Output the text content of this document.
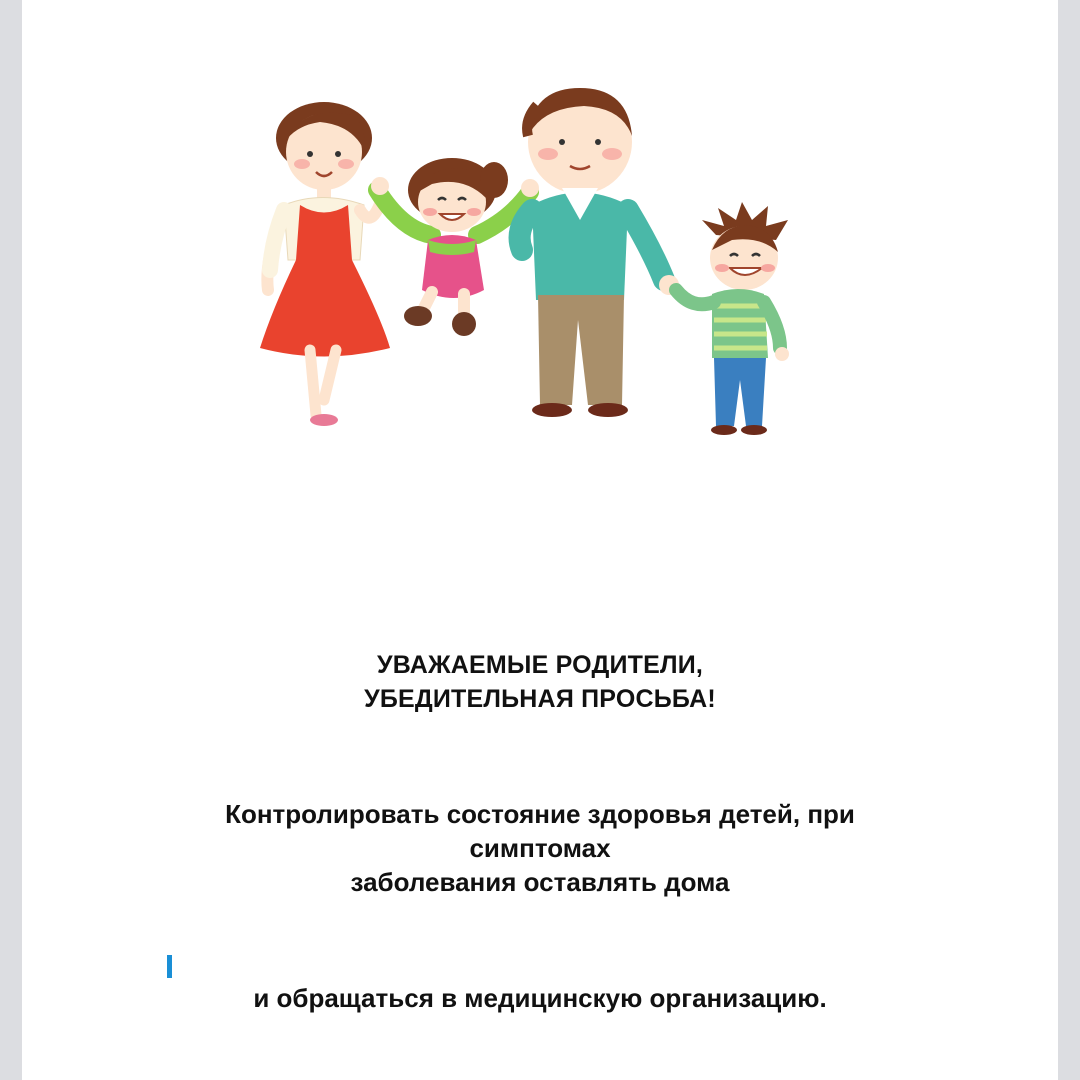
УВАЖАЕМЫЕ РОДИТЕЛИ,
УБЕДИТЕЛЬНАЯ ПРОСЬБА!
Контролировать состояние здоровья детей, при
симптомах
заболевания оставлять дома
и обращаться в медицинскую организацию.
